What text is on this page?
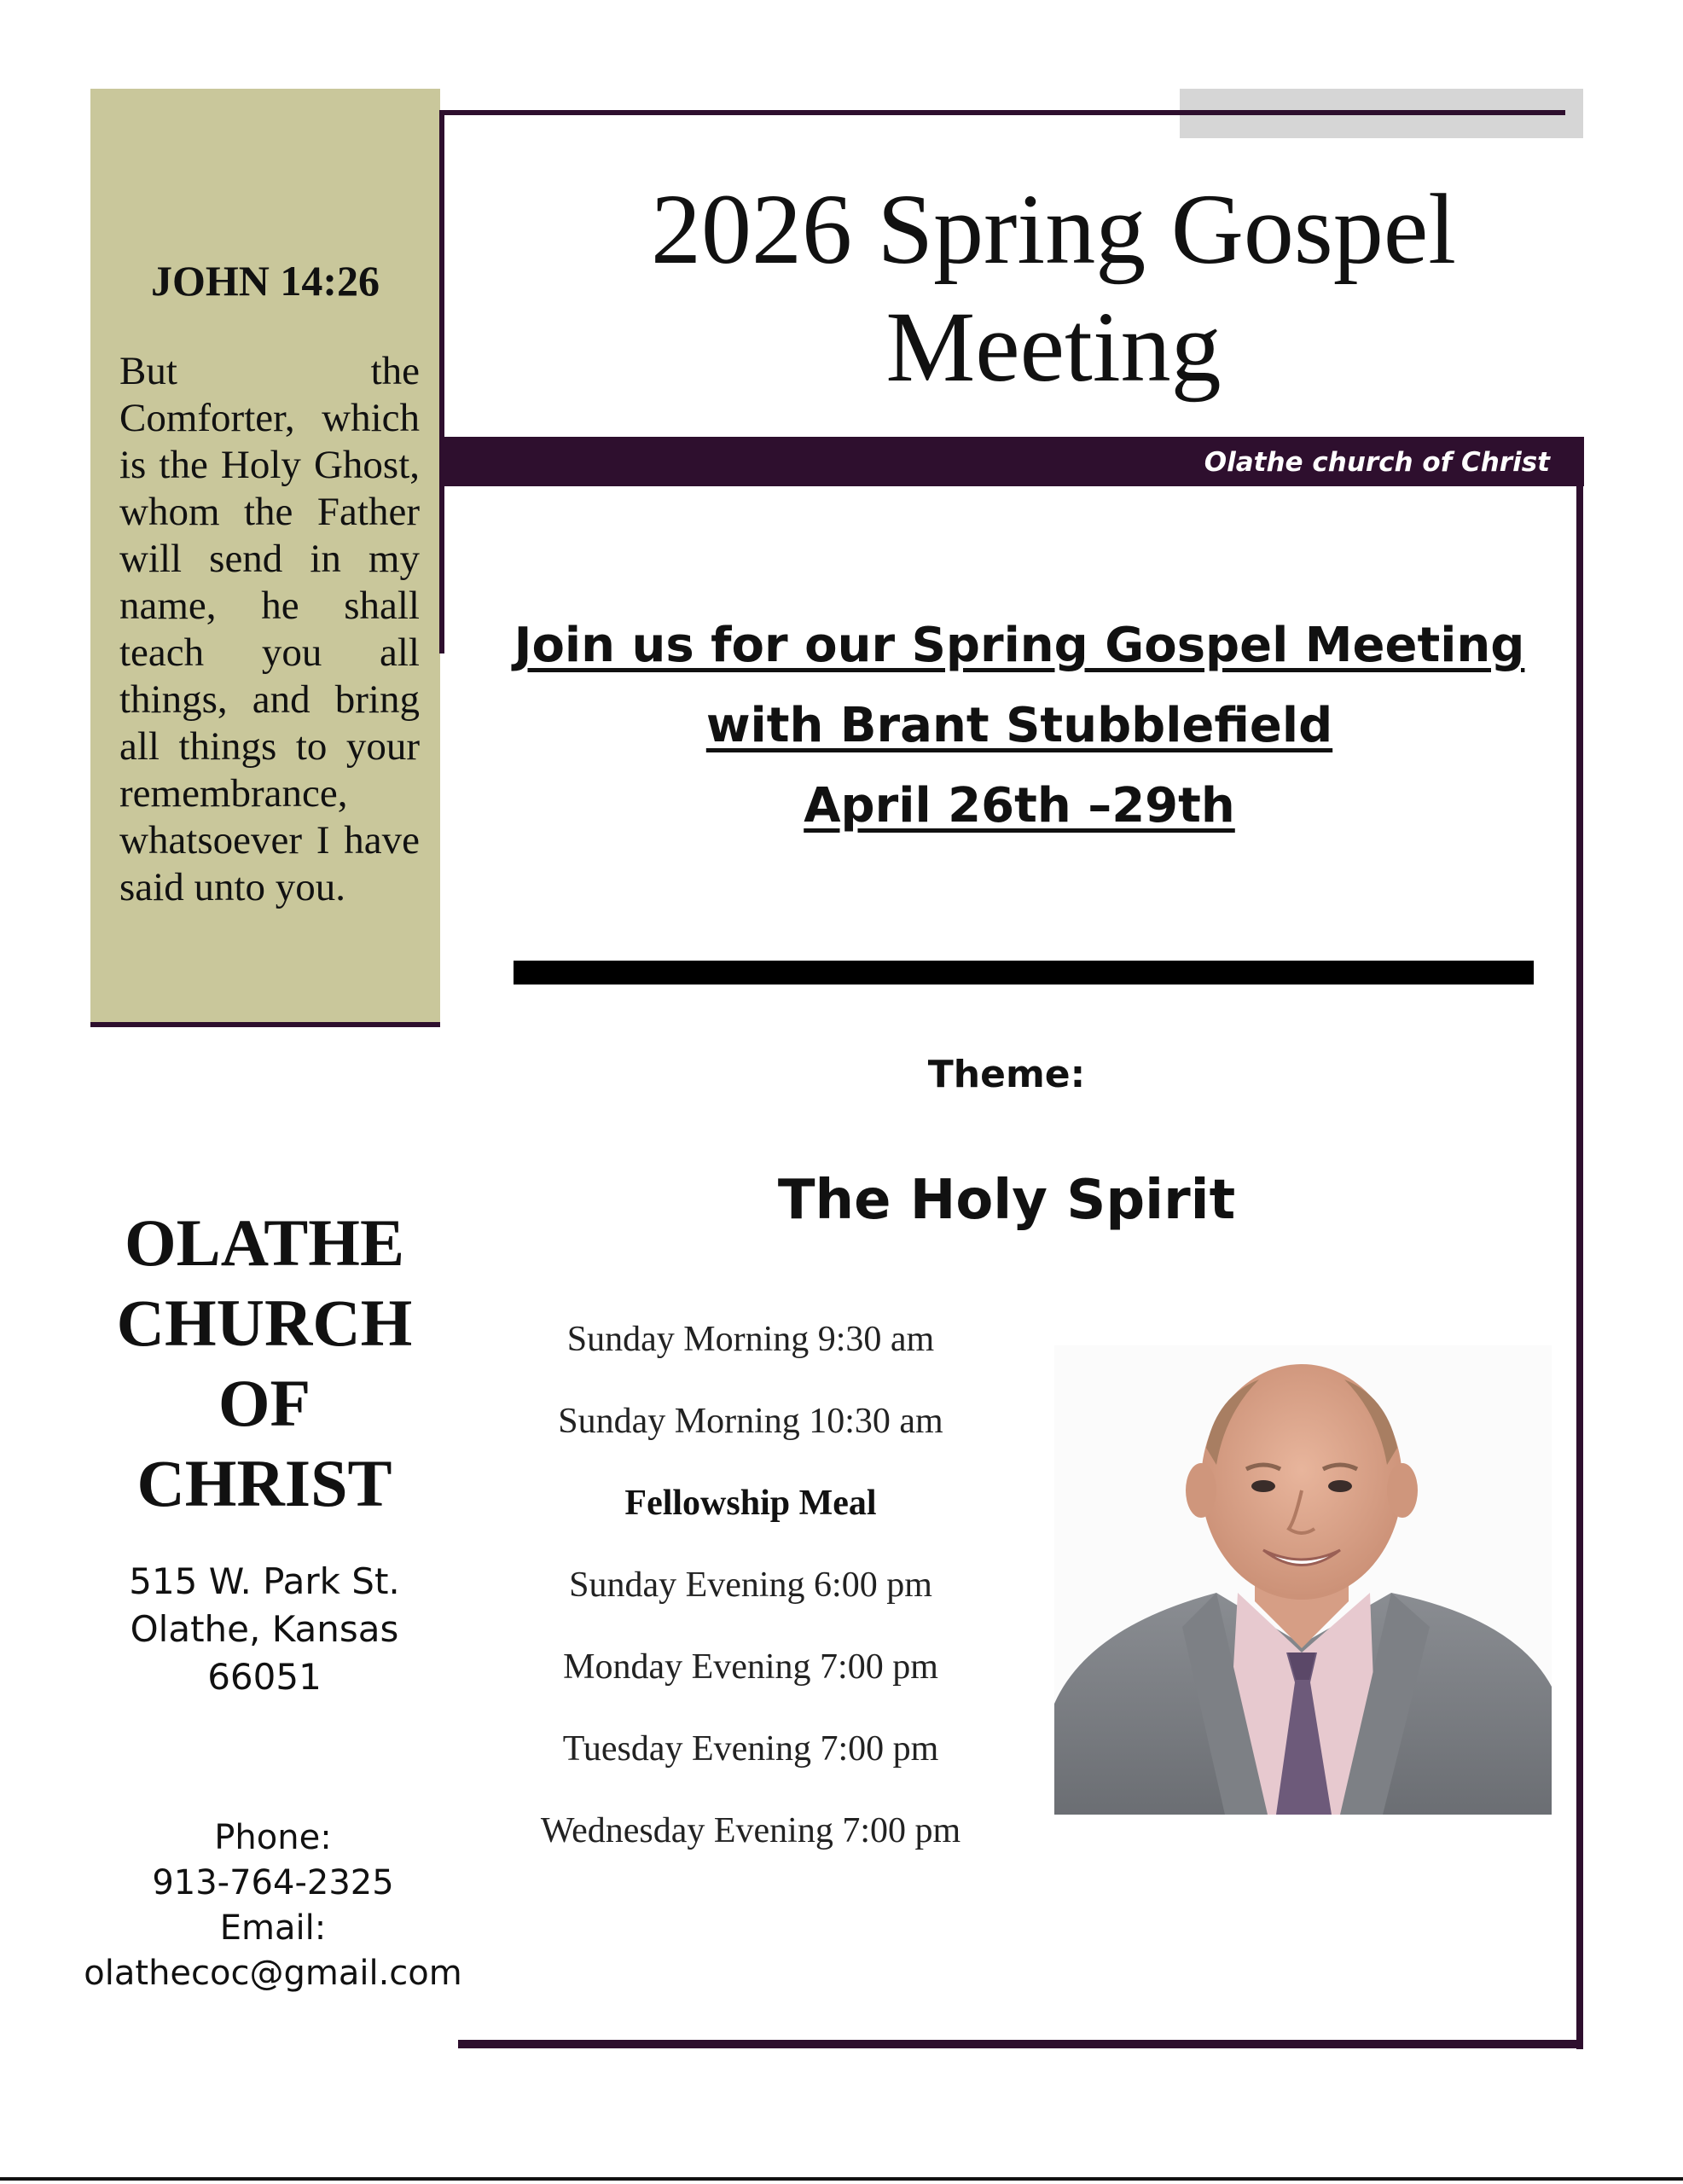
JOHN 14:26
But the Comforter, which is the Holy Ghost, whom the Father will send in my name, he shall teach you all things, and bring all things to your remembrance, whatsoever I have said unto you.
2026 Spring Gospel
Meeting
Olathe church of Christ
Join us for our Spring Gospel Meeting
with Brant Stubblefield
April 26th –29th
Theme:
The Holy Spirit
Sunday Morning 9:30 am
Sunday Morning 10:30 am
Fellowship Meal
Sunday Evening 6:00 pm
Monday Evening 7:00 pm
Tuesday Evening 7:00 pm
Wednesday Evening 7:00 pm
OLATHE
CHURCH
OF
CHRIST
515 W. Park St.
Olathe, Kansas
66051
Phone:
913-764-2325
Email:
olathecoc@gmail.com
